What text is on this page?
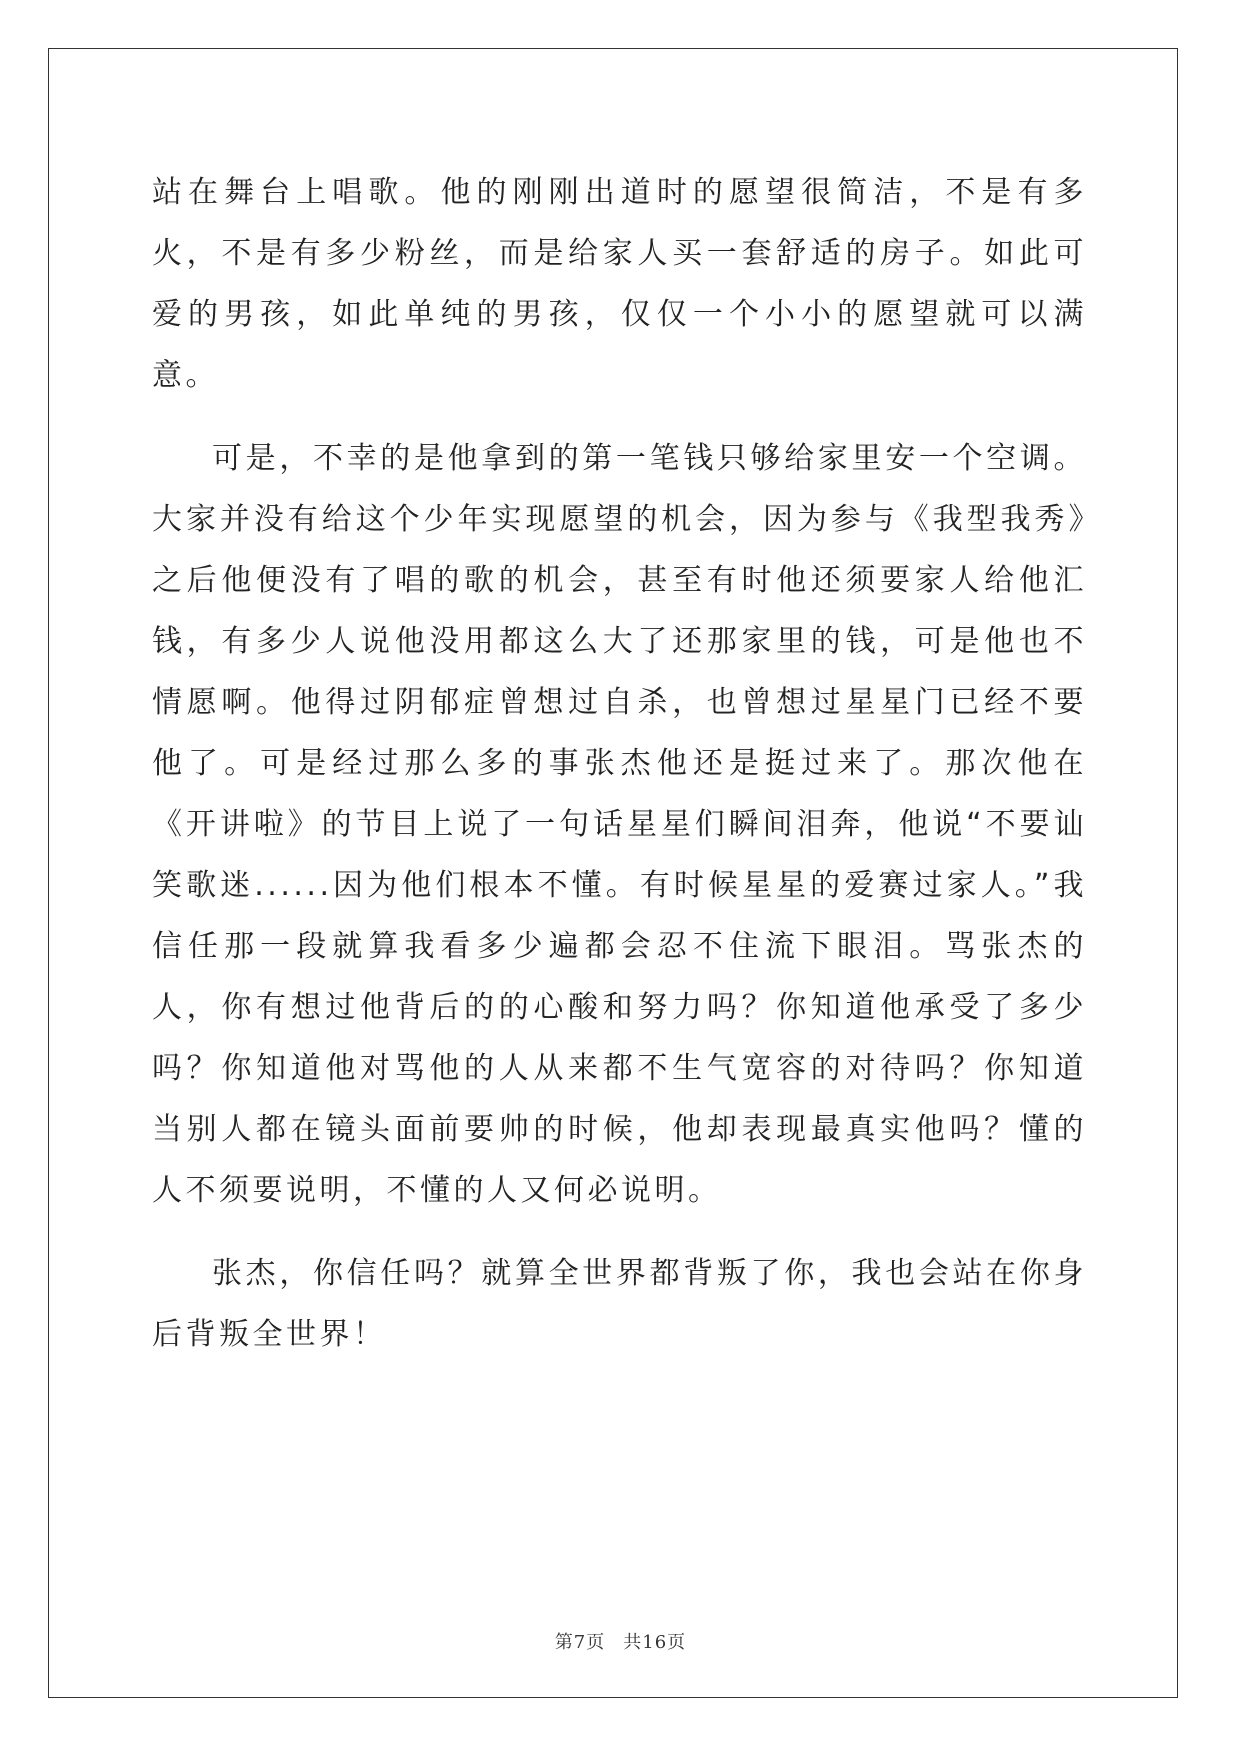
站在舞台上唱歌。他的刚刚出道时的愿望很简洁，不是有多火，不是有多少粉丝，而是给家人买一套舒适的房子。如此可爱的男孩，如此单纯的男孩，仅仅一个小小的愿望就可以满意。

可是，不幸的是他拿到的第一笔钱只够给家里安一个空调。大家并没有给这个少年实现愿望的机会，因为参与《我型我秀》之后他便没有了唱的歌的机会，甚至有时他还须要家人给他汇钱，有多少人说他没用都这么大了还那家里的钱，可是他也不情愿啊。他得过阴郁症曾想过自杀，也曾想过星星门已经不要他了。可是经过那么多的事张杰他还是挺过来了。那次他在《开讲啦》的节目上说了一句话星星们瞬间泪奔，他说“不要讪笑歌迷......因为他们根本不懂。有时候星星的爱赛过家人。”我信任那一段就算我看多少遍都会忍不住流下眼泪。骂张杰的人，你有想过他背后的的心酸和努力吗？你知道他承受了多少吗？你知道他对骂他的人从来都不生气宽容的对待吗？你知道当别人都在镜头面前要帅的时候，他却表现最真实他吗？懂的人不须要说明，不懂的人又何必说明。

张杰，你信任吗？就算全世界都背叛了你，我也会站在你身后背叛全世界！

第7页 共16页
